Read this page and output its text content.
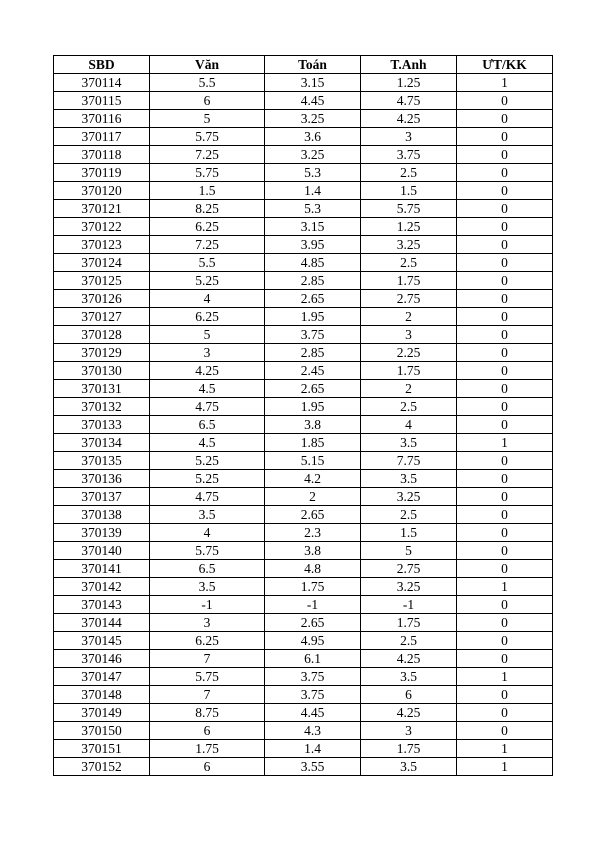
SBD	Văn	Toán	T.Anh	ƯT/KK
370114	5.5	3.15	1.25	1
370115	6	4.45	4.75	0
370116	5	3.25	4.25	0
370117	5.75	3.6	3	0
370118	7.25	3.25	3.75	0
370119	5.75	5.3	2.5	0
370120	1.5	1.4	1.5	0
370121	8.25	5.3	5.75	0
370122	6.25	3.15	1.25	0
370123	7.25	3.95	3.25	0
370124	5.5	4.85	2.5	0
370125	5.25	2.85	1.75	0
370126	4	2.65	2.75	0
370127	6.25	1.95	2	0
370128	5	3.75	3	0
370129	3	2.85	2.25	0
370130	4.25	2.45	1.75	0
370131	4.5	2.65	2	0
370132	4.75	1.95	2.5	0
370133	6.5	3.8	4	0
370134	4.5	1.85	3.5	1
370135	5.25	5.15	7.75	0
370136	5.25	4.2	3.5	0
370137	4.75	2	3.25	0
370138	3.5	2.65	2.5	0
370139	4	2.3	1.5	0
370140	5.75	3.8	5	0
370141	6.5	4.8	2.75	0
370142	3.5	1.75	3.25	1
370143	-1	-1	-1	0
370144	3	2.65	1.75	0
370145	6.25	4.95	2.5	0
370146	7	6.1	4.25	0
370147	5.75	3.75	3.5	1
370148	7	3.75	6	0
370149	8.75	4.45	4.25	0
370150	6	4.3	3	0
370151	1.75	1.4	1.75	1
370152	6	3.55	3.5	1
